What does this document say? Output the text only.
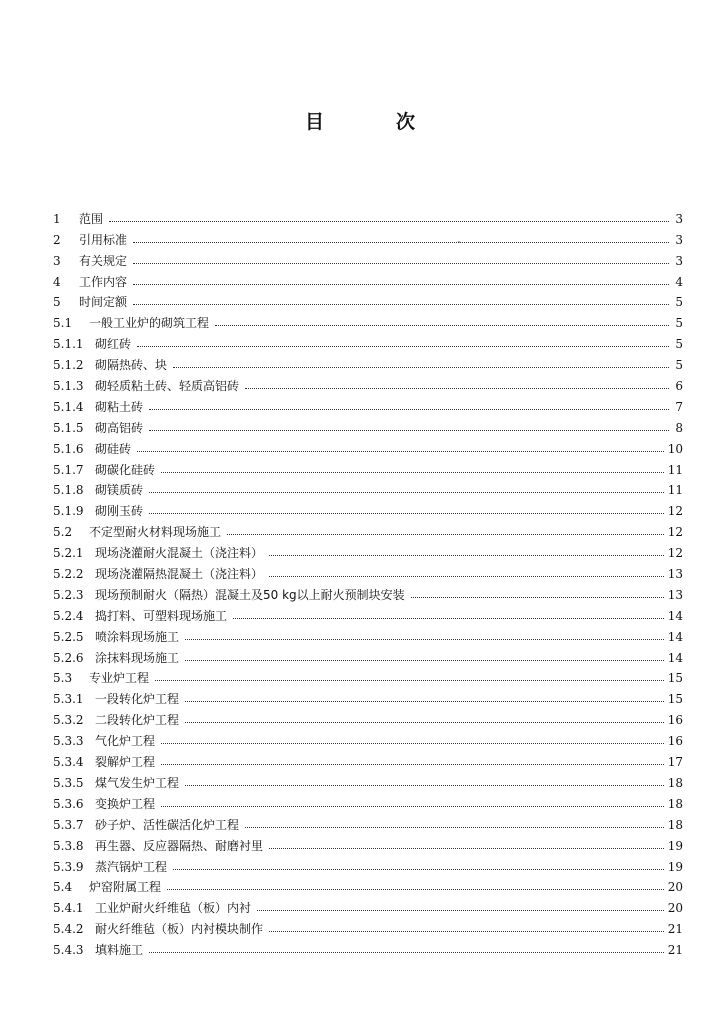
目	次
1	范围	3
2	引用标准	3
3	有关规定	3
4	工作内容	4
5	时间定额	5
5.1	一般工业炉的砌筑工程	5
5.1.1 砌红砖	5
5.1.2 砌隔热砖、块	5
5.1.3 砌轻质粘土砖、轻质高铝砖	6
5.1.4 砌粘土砖	7
5.1.5 砌高铝砖	8
5.1.6 砌硅砖	10
5.1.7 砌碳化硅砖	11
5.1.8 砌镁质砖	11
5.1.9 砌刚玉砖	12
5.2	不定型耐火材料现场施工	12
5.2.1 现场浇灌耐火混凝土（浇注料）	12
5.2.2 现场浇灌隔热混凝土（浇注料）	13
5.2.3 现场预制耐火（隔热）混凝土及50 kg以上耐火预制块安装	13
5.2.4 捣打料、可塑料现场施工	14
5.2.5 喷涂料现场施工	14
5.2.6 涂抹料现场施工	14
5.3	专业炉工程	15
5.3.1 一段转化炉工程	15
5.3.2 二段转化炉工程	16
5.3.3 气化炉工程	16
5.3.4 裂解炉工程	17
5.3.5 煤气发生炉工程	18
5.3.6 变换炉工程	18
5.3.7 砂子炉、活性碳活化炉工程	18
5.3.8 再生器、反应器隔热、耐磨衬里	19
5.3.9 蒸汽锅炉工程	19
5.4	炉窑附属工程	20
5.4.1 工业炉耐火纤维毡（板）内衬	20
5.4.2 耐火纤维毡（板）内衬模块制作	21
5.4.3 填料施工	21
